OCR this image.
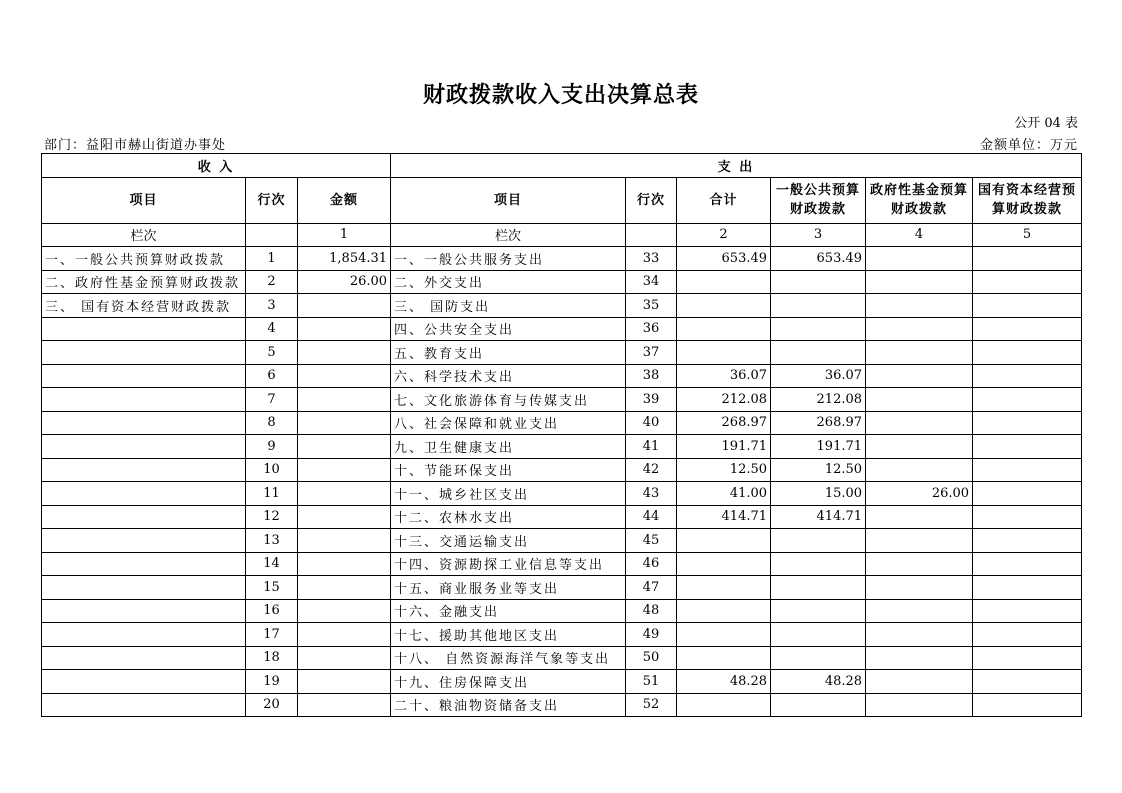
财政拨款收入支出决算总表
公开 04 表
部门：益阳市赫山街道办事处	金额单位：万元
收 入			支 出					
项目	行次	金额	项目	行次	合计	一般公共预算财政拨款	政府性基金预算财政拨款	国有资本经营预算财政拨款
栏次		1	栏次		2	3	4	5
一、一般公共预算财政拨款	1	1,854.31	一、一般公共服务支出	33	653.49	653.49		
二、政府性基金预算财政拨款	2	26.00	二、外交支出	34				
三、 国有资本经营财政拨款	3		三、 国防支出	35				
	4		四、公共安全支出	36				
	5		五、教育支出	37				
	6		六、科学技术支出	38	36.07	36.07		
	7		七、文化旅游体育与传媒支出	39	212.08	212.08		
	8		八、社会保障和就业支出	40	268.97	268.97		
	9		九、卫生健康支出	41	191.71	191.71		
	10		十、节能环保支出	42	12.50	12.50		
	11		十一、城乡社区支出	43	41.00	15.00	26.00	
	12		十二、农林水支出	44	414.71	414.71		
	13		十三、交通运输支出	45				
	14		十四、资源勘探工业信息等支出	46				
	15		十五、商业服务业等支出	47				
	16		十六、金融支出	48				
	17		十七、援助其他地区支出	49				
	18		十八、 自然资源海洋气象等支出	50				
	19		十九、住房保障支出	51	48.28	48.28		
	20		二十、粮油物资储备支出	52				
